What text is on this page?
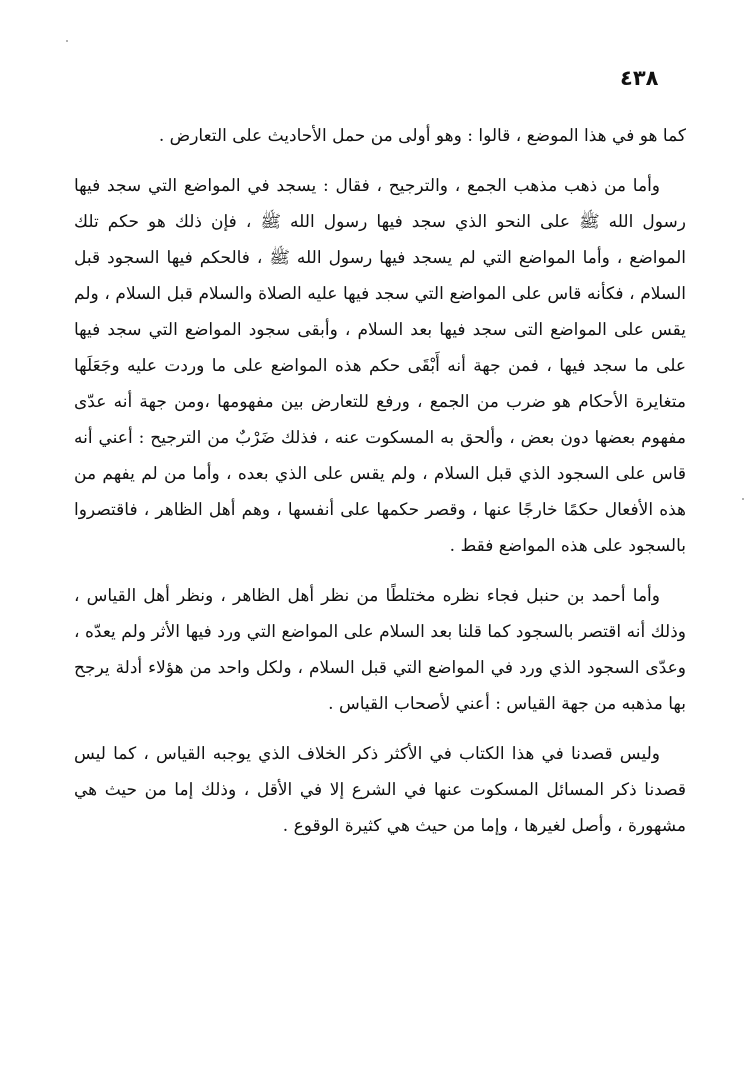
٤٣٨

كما هو في هذا الموضع ، قالوا : وهو أولى من حمل الأحاديث على التعارض .

وأما من ذهب مذهب الجمع ، والترجيح ، فقال : يسجد في المواضع التي سجد فيها رسول الله ﷺ على النحو الذي سجد فيها رسول الله ﷺ ، فإن ذلك هو حكم تلك المواضع ، وأما المواضع التي لم يسجد فيها رسول الله ﷺ ، فالحكم فيها السجود قبل السلام ، فكأنه قاس على المواضع التي سجد فيها عليه الصلاة والسلام قبل السلام ، ولم يقس على المواضع التى سجد فيها بعد السلام ، وأبقى سجود المواضع التي سجد فيها على ما سجد فيها ، فمن جهة أنه أَبْقَى حكم هذه المواضع على ما وردت عليه وجَعَلَها متغايرة الأحكام هو ضرب من الجمع ، ورفع للتعارض بين مفهومها ،ومن جهة أنه عدّى مفهوم بعضها دون بعض ، وألحق به المسكوت عنه ، فذلك ضَرْبٌ من الترجيح : أعني أنه قاس على السجود الذي قبل السلام ، ولم يقس على الذي بعده ، وأما من لم يفهم من هذه الأفعال حكمًا خارجًا عنها ، وقصر حكمها على أنفسها ، وهم أهل الظاهر ، فاقتصروا بالسجود على هذه المواضع فقط .

وأما أحمد بن حنبل فجاء نظره مختلطًا من نظر أهل الظاهر ، ونظر أهل القياس ، وذلك أنه اقتصر بالسجود كما قلنا بعد السلام على المواضع التي ورد فيها الأثر ولم يعدّه ، وعدّى السجود الذي ورد في المواضع التي قبل السلام ، ولكل واحد من هؤلاء أدلة يرجح بها مذهبه من جهة القياس : أعني لأصحاب القياس .

وليس قصدنا في هذا الكتاب في الأكثر ذكر الخلاف الذي يوجبه القياس ، كما ليس قصدنا ذكر المسائل المسكوت عنها في الشرع إلا في الأقل ، وذلك إما من حيث هي مشهورة ، وأصل لغيرها ، وإما من حيث هي كثيرة الوقوع .
